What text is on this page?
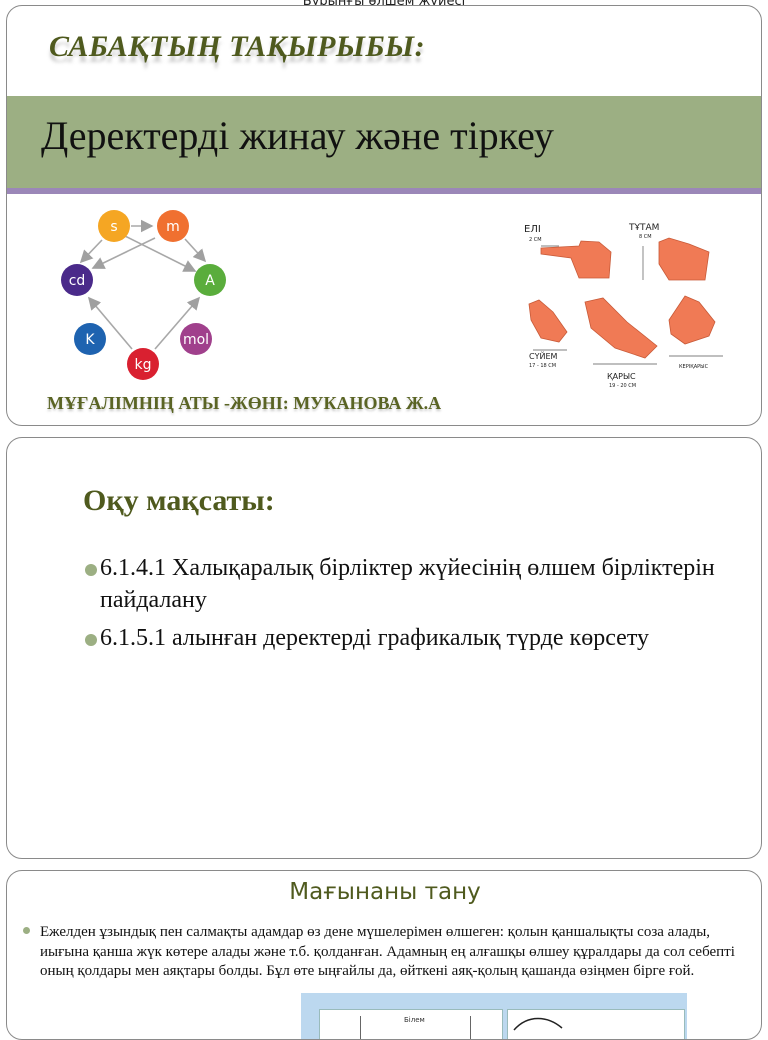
САБАҚТЫҢ ТАҚЫРЫБЫ:
Деректерді жинау және тіркеу
s	m
cd	A
K	mol
kg
ЕЛІ
2 СМ
ТҰТАМ
8 СМ
СҮЙЕМ
17 - 18 СМ
ҚАРЫС
19 - 20 СМ
КЕРІҚАРЫС
МҰҒАЛІМНІҢ АТЫ -ЖӨНІ: МУКАНОВА Ж.А
Оқу мақсаты:
6.1.4.1 Халықаралық бірліктер жүйесінің өлшем бірліктерін пайдалану
6.1.5.1 алынған деректерді графикалық түрде көрсету
Мағынаны тану
Ежелден ұзындық пен салмақты адамдар өз дене мүшелерімен өлшеген: қолын қаншалықты соза алады, иығына қанша жүк көтере алады және т.б. қолданған. Адамның ең алғашқы өлшеу құралдары да сол себепті оның қолдары мен аяқтары болды. Бұл өте ыңғайлы да, өйткені аяқ-қолың қашанда өзіңмен бірге ғой.
Білем
